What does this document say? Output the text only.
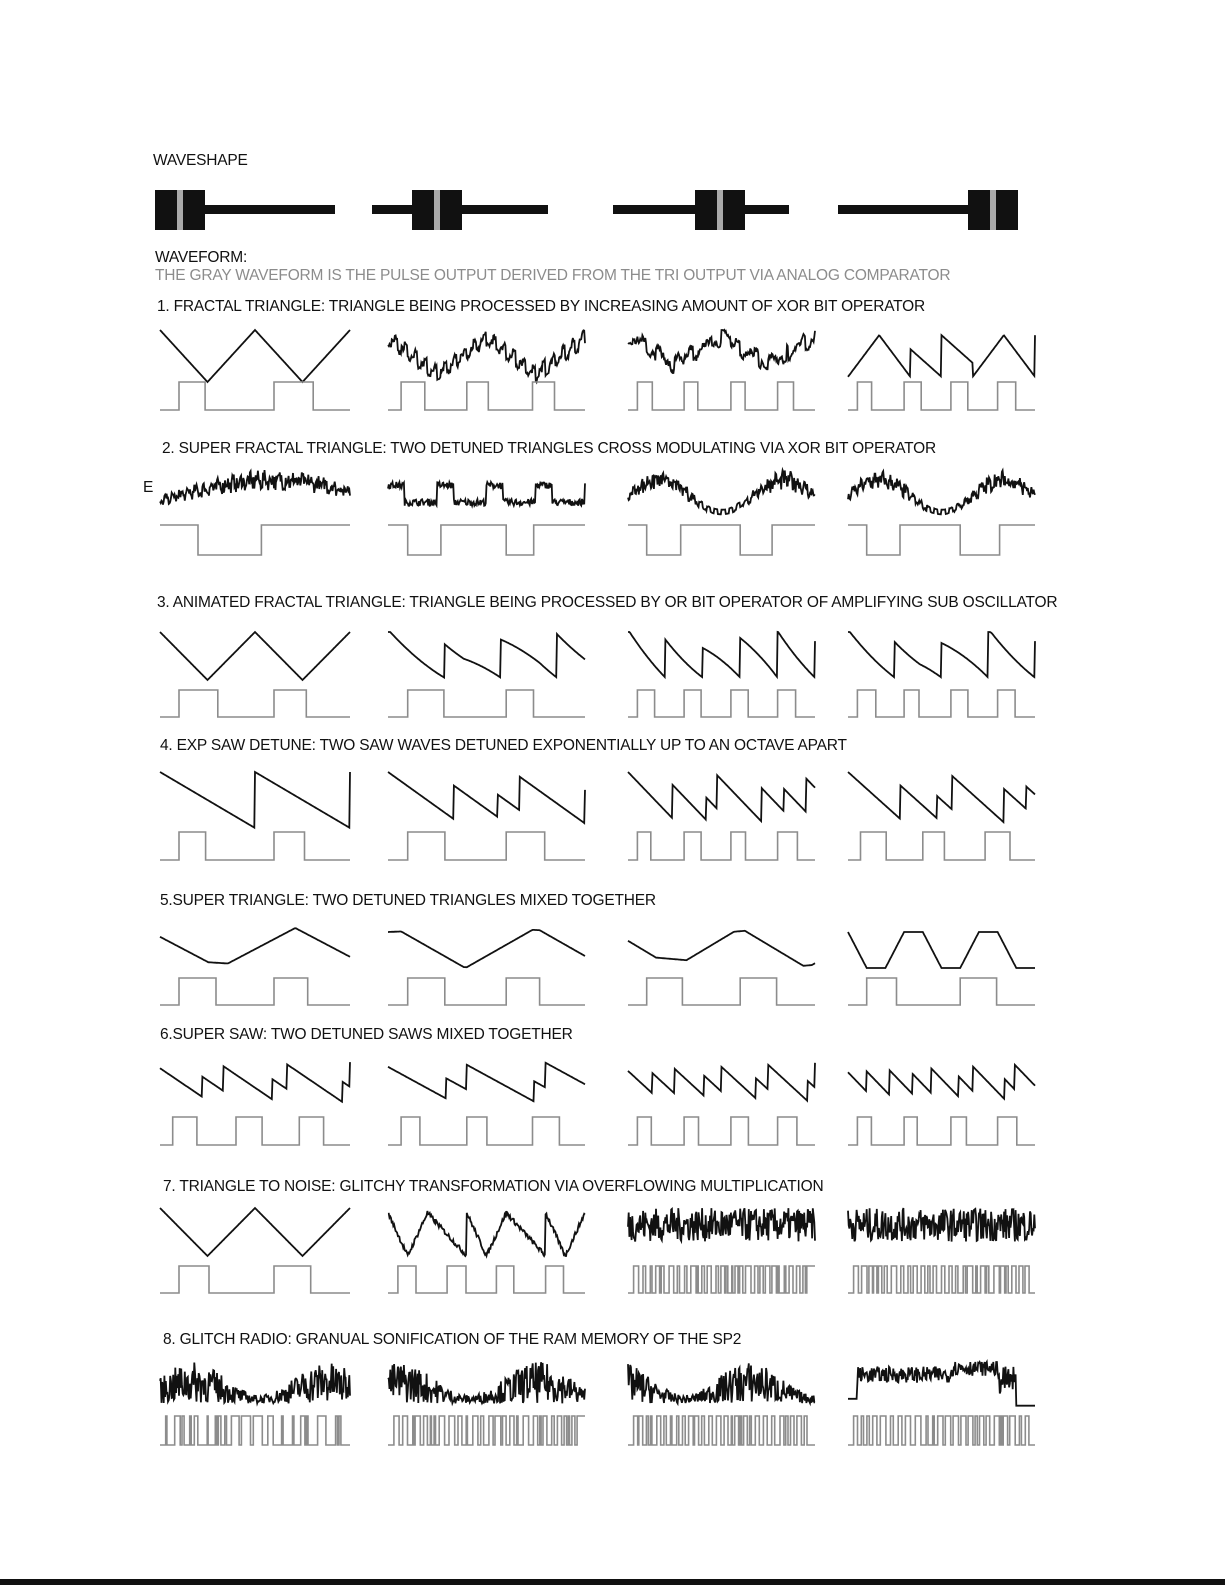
WAVESHAPE
WAVEFORM:
THE GRAY WAVEFORM IS THE PULSE OUTPUT DERIVED FROM THE TRI OUTPUT VIA ANALOG COMPARATOR
1. FRACTAL TRIANGLE: TRIANGLE BEING PROCESSED BY INCREASING AMOUNT OF XOR BIT OPERATOR
2. SUPER FRACTAL TRIANGLE: TWO DETUNED TRIANGLES CROSS MODULATING VIA XOR BIT OPERATOR
E
3. ANIMATED FRACTAL TRIANGLE: TRIANGLE BEING PROCESSED BY OR BIT OPERATOR OF AMPLIFYING SUB OSCILLATOR
4. EXP SAW DETUNE: TWO SAW WAVES DETUNED EXPONENTIALLY UP TO AN OCTAVE APART
5.SUPER TRIANGLE: TWO DETUNED TRIANGLES MIXED TOGETHER
6.SUPER SAW: TWO DETUNED SAWS MIXED TOGETHER
7. TRIANGLE TO NOISE: GLITCHY TRANSFORMATION VIA OVERFLOWING MULTIPLICATION
8. GLITCH RADIO: GRANUAL SONIFICATION OF THE RAM MEMORY OF THE SP2
